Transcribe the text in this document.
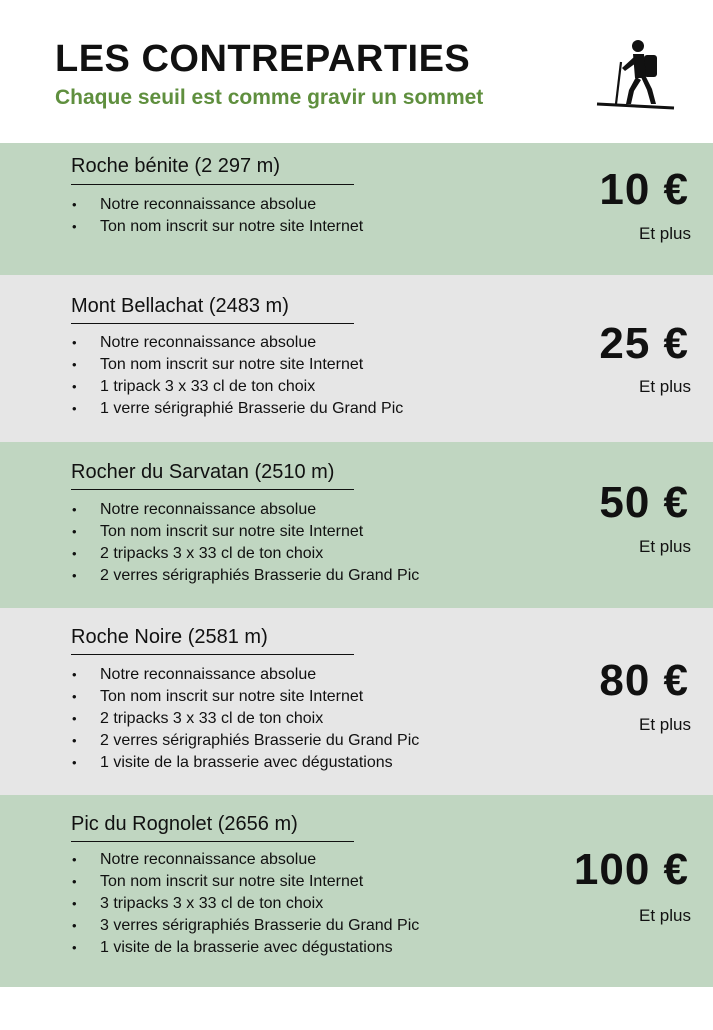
LES CONTREPARTIES
Chaque seuil est comme gravir un sommet
Roche bénite (2 297 m)
• Notre reconnaissance absolue
• Ton nom inscrit sur notre site Internet
10 €
Et plus
Mont Bellachat (2483 m)
• Notre reconnaissance absolue
• Ton nom inscrit sur notre site Internet
• 1 tripack 3 x 33 cl de ton choix
• 1 verre sérigraphié Brasserie du Grand Pic
25 €
Et plus
Rocher du Sarvatan (2510 m)
• Notre reconnaissance absolue
• Ton nom inscrit sur notre site Internet
• 2 tripacks 3 x 33 cl de ton choix
• 2 verres sérigraphiés Brasserie du Grand Pic
50 €
Et plus
Roche Noire (2581 m)
• Notre reconnaissance absolue
• Ton nom inscrit sur notre site Internet
• 2 tripacks 3 x 33 cl de ton choix
• 2 verres sérigraphiés Brasserie du Grand Pic
• 1 visite de la brasserie avec dégustations
80 €
Et plus
Pic du Rognolet (2656 m)
• Notre reconnaissance absolue
• Ton nom inscrit sur notre site Internet
• 3 tripacks 3 x 33 cl de ton choix
• 3 verres sérigraphiés Brasserie du Grand Pic
• 1 visite de la brasserie avec dégustations
100 €
Et plus
